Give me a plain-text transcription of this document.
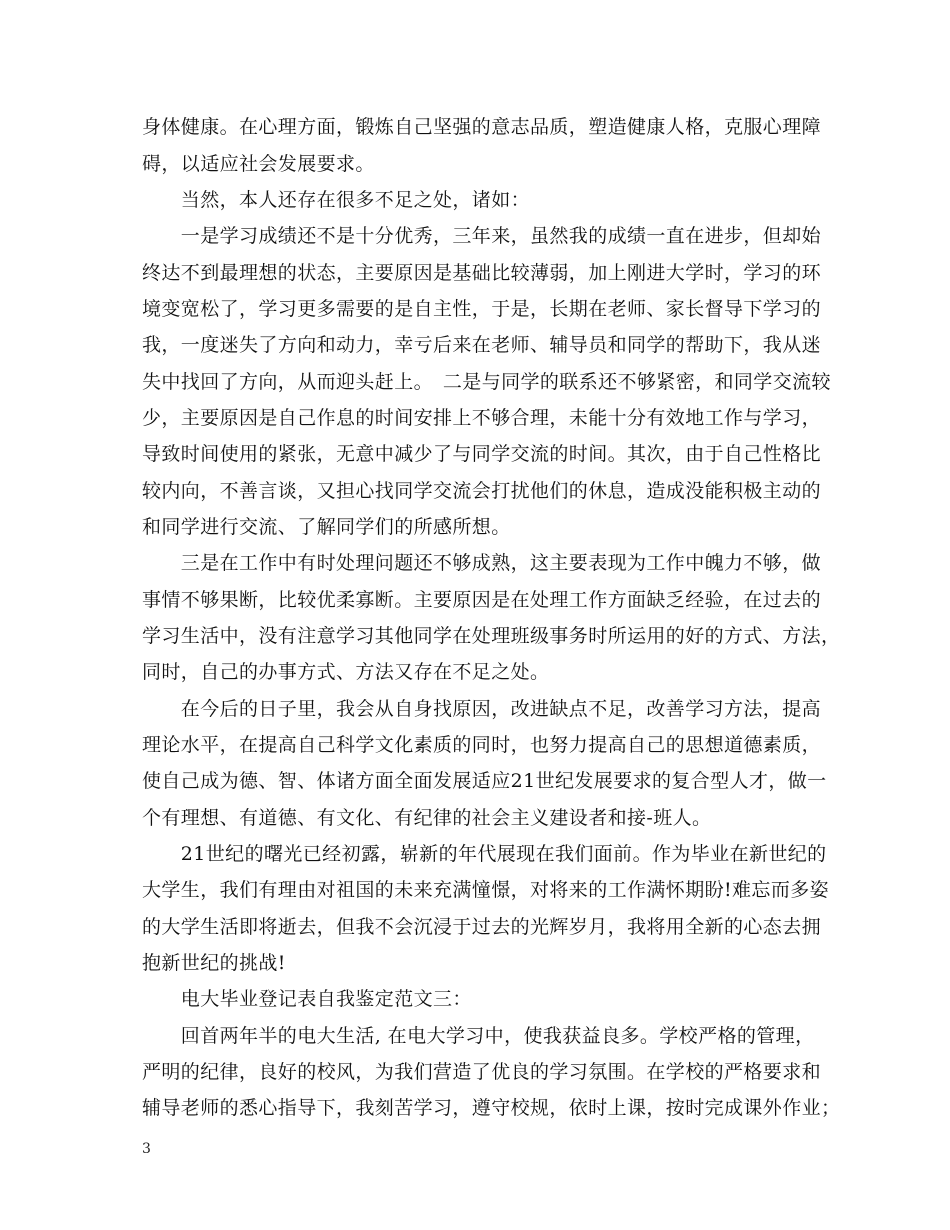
身体健康。在心理方面，锻炼自己坚强的意志品质，塑造健康人格，克服心理障
碍，以适应社会发展要求。
　　当然，本人还存在很多不足之处，诸如：
　　一是学习成绩还不是十分优秀，三年来，虽然我的成绩一直在进步，但却始
终达不到最理想的状态，主要原因是基础比较薄弱，加上刚进大学时，学习的环
境变宽松了，学习更多需要的是自主性，于是，长期在老师、家长督导下学习的
我，一度迷失了方向和动力，幸亏后来在老师、辅导员和同学的帮助下，我从迷
失中找回了方向，从而迎头赶上。　二是与同学的联系还不够紧密，和同学交流较
少，主要原因是自己作息的时间安排上不够合理，未能十分有效地工作与学习，
导致时间使用的紧张，无意中减少了与同学交流的时间。其次，由于自己性格比
较内向，不善言谈，又担心找同学交流会打扰他们的休息，造成没能积极主动的
和同学进行交流、了解同学们的所感所想。
　　三是在工作中有时处理问题还不够成熟，这主要表现为工作中魄力不够，做
事情不够果断，比较优柔寡断。主要原因是在处理工作方面缺乏经验，在过去的
学习生活中，没有注意学习其他同学在处理班级事务时所运用的好的方式、方法，
同时，自己的办事方式、方法又存在不足之处。
　　在今后的日子里，我会从自身找原因，改进缺点不足，改善学习方法，提高
理论水平，在提高自己科学文化素质的同时，也努力提高自己的思想道德素质，
使自己成为德、智、体诸方面全面发展适应21世纪发展要求的复合型人才，做一
个有理想、有道德、有文化、有纪律的社会主义建设者和接-班人。
　　21世纪的曙光已经初露，崭新的年代展现在我们面前。作为毕业在新世纪的
大学生，我们有理由对祖国的未来充满憧憬，对将来的工作满怀期盼!难忘而多姿
的大学生活即将逝去，但我不会沉浸于过去的光辉岁月，我将用全新的心态去拥
抱新世纪的挑战!
　　电大毕业登记表自我鉴定范文三：
　　回首两年半的电大生活, 在电大学习中，使我获益良多。学校严格的管理，
严明的纪律，良好的校风，为我们营造了优良的学习氛围。在学校的严格要求和
辅导老师的悉心指导下，我刻苦学习，遵守校规，依时上课，按时完成课外作业；
3
